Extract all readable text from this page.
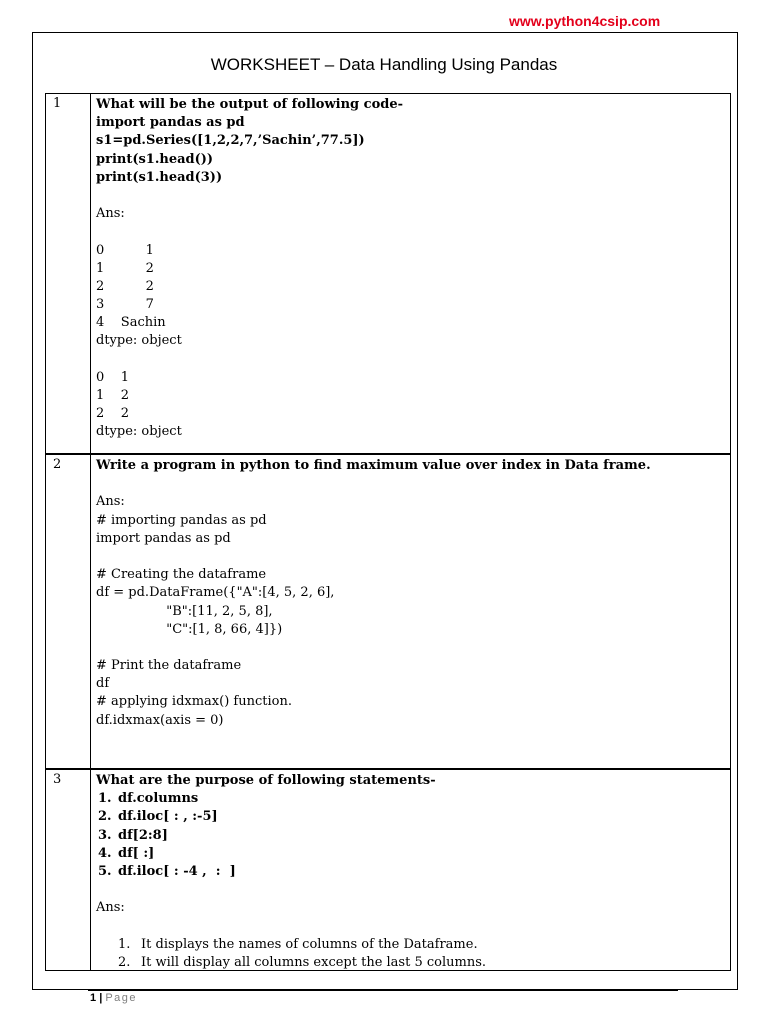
www.python4csip.com
WORKSHEET – Data Handling Using Pandas
1	What will be the output of following code-
import pandas as pd
s1=pd.Series([1,2,2,7,’Sachin’,77.5])
print(s1.head())
print(s1.head(3))
Ans:
0          1
1          2
2          2
3          7
4    Sachin
dtype: object
0    1
1    2
2    2
dtype: object
2	Write a program in python to find maximum value over index in Data frame.
Ans:
# importing pandas as pd
import pandas as pd
# Creating the dataframe
df = pd.DataFrame({"A":[4, 5, 2, 6],
"B":[11, 2, 5, 8],
"C":[1, 8, 66, 4]})
# Print the dataframe
df
# applying idxmax() function.
df.idxmax(axis = 0)
3	What are the purpose of following statements-
1. df.columns
2. df.iloc[ : , :-5]
3. df[2:8]
4. df[ :]
5. df.iloc[ : -4 ,  :  ]
Ans:
1. It displays the names of columns of the Dataframe.
2. It will display all columns except the last 5 columns.
1 | Page
